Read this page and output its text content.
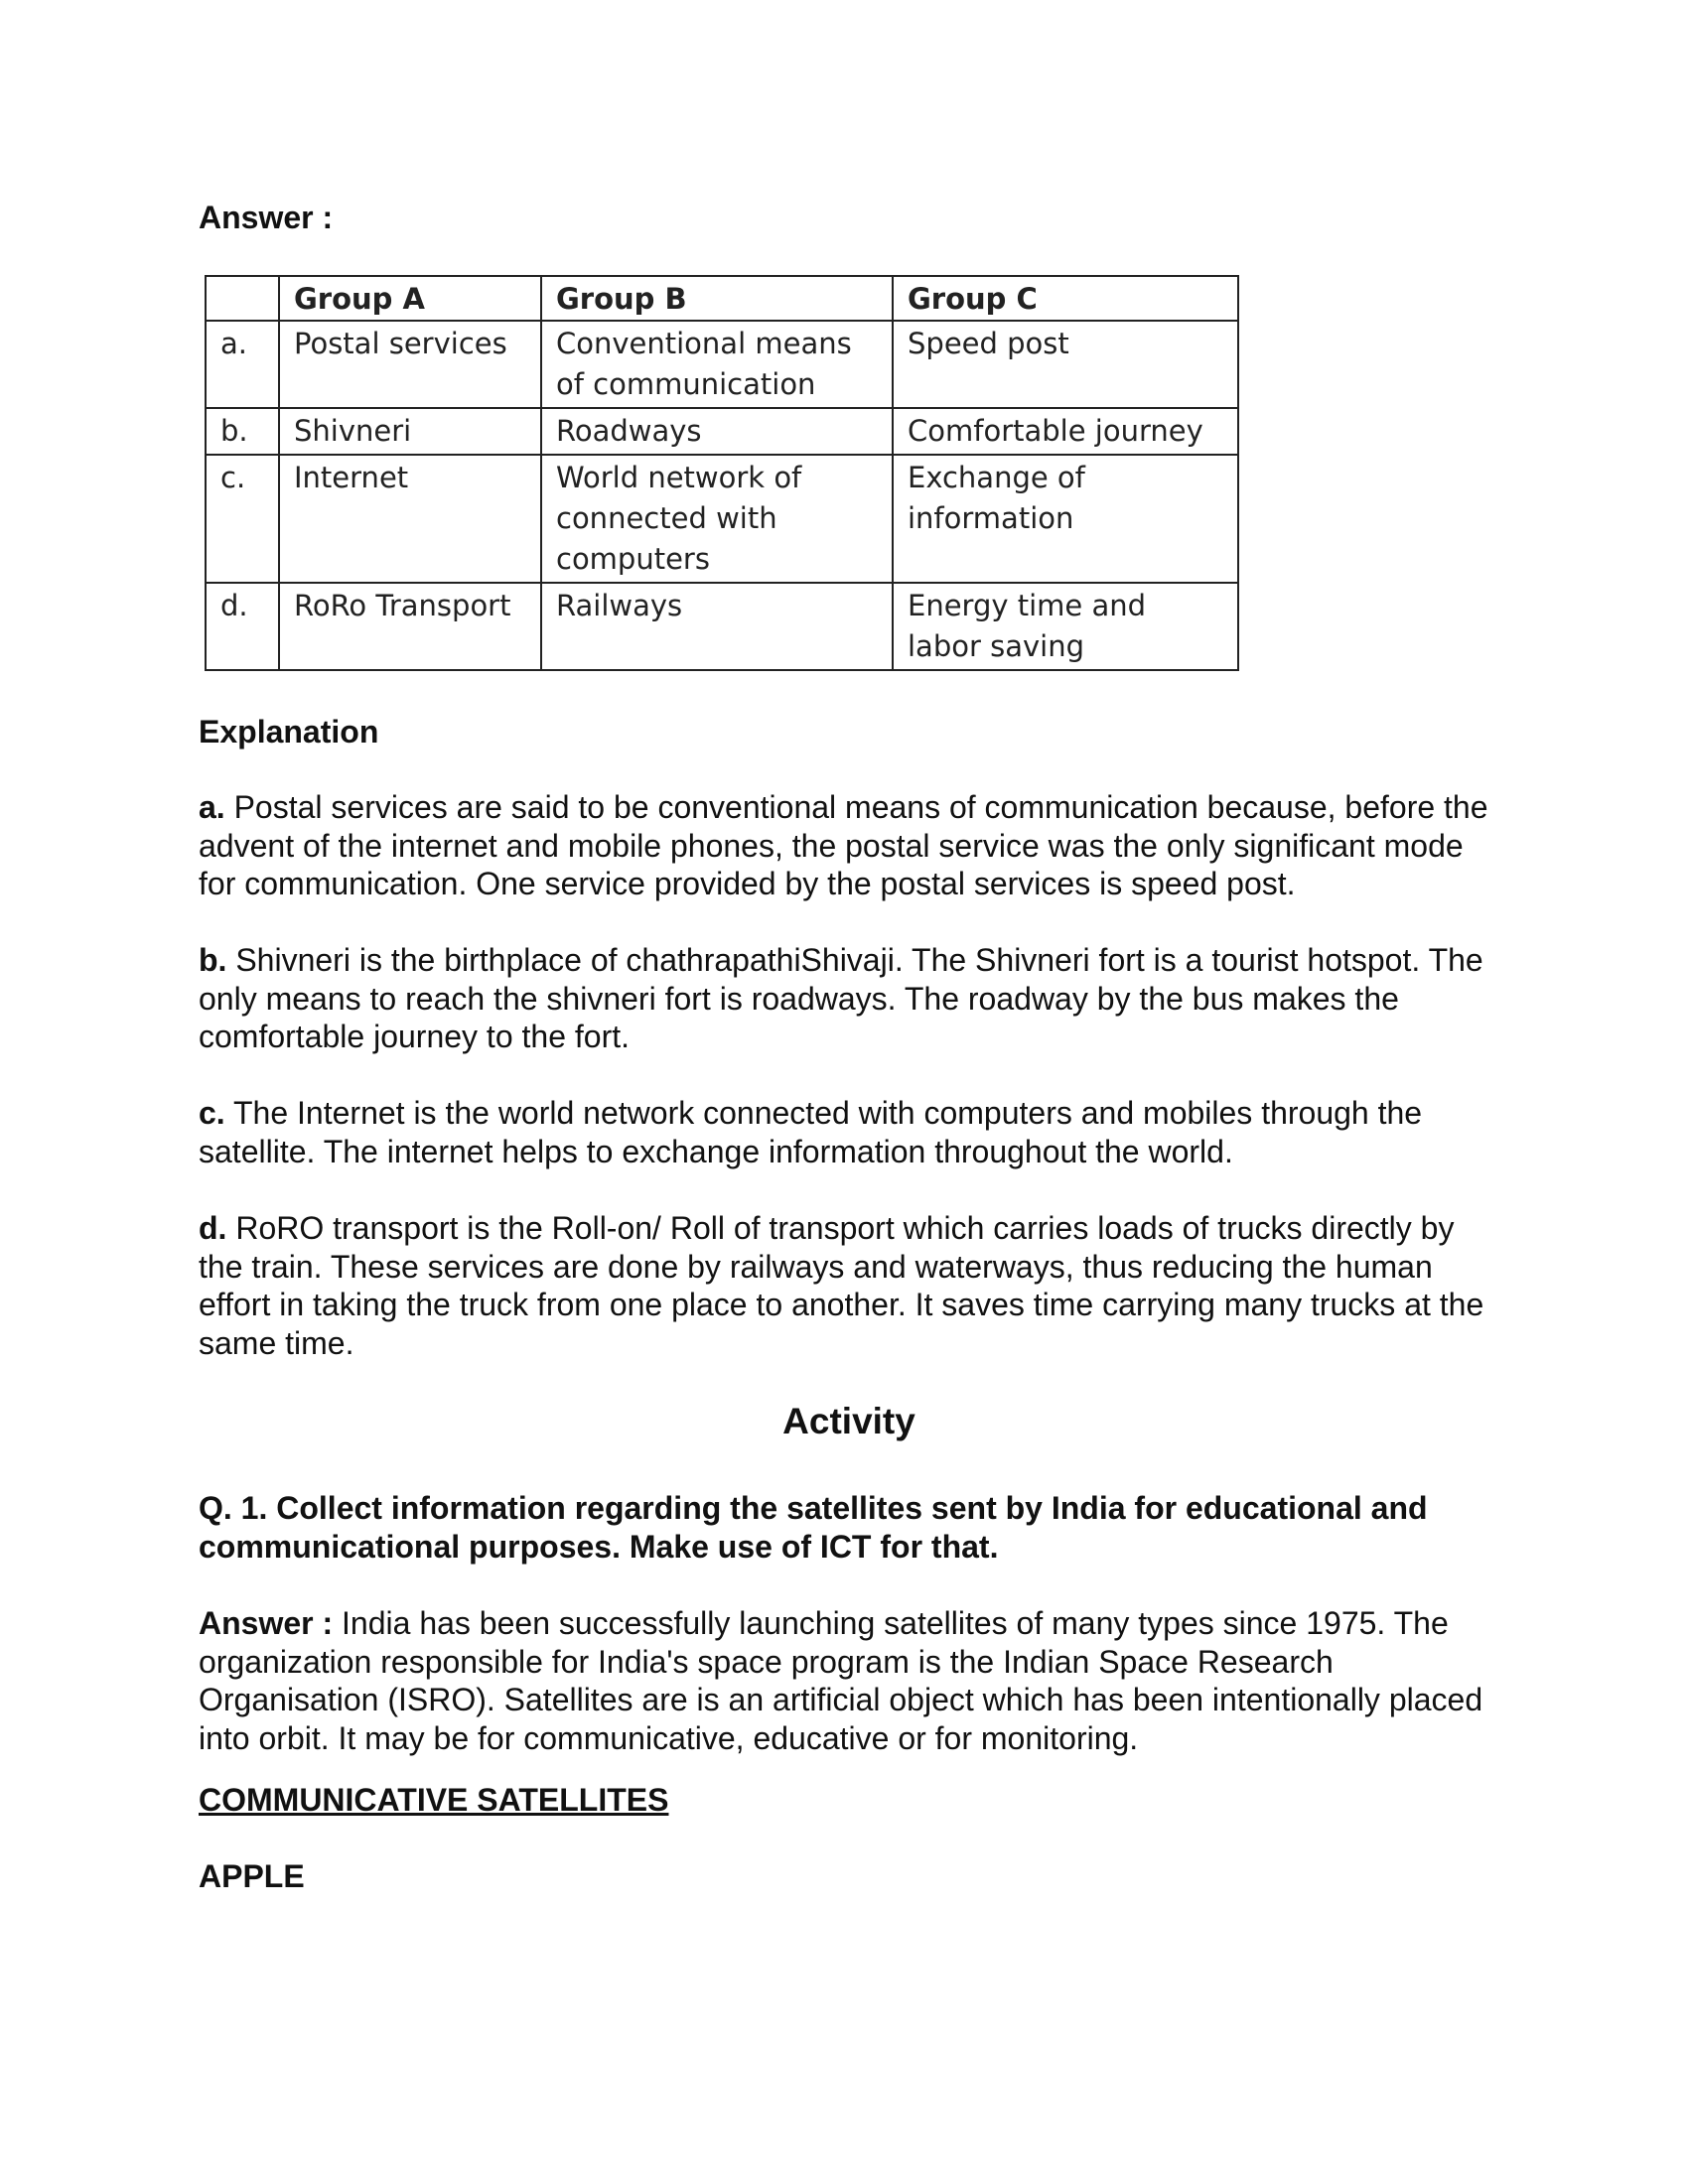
Answer :
	Group A	Group B	Group C
a.	Postal services	Conventional means of communication	Speed post
b.	Shivneri	Roadways	Comfortable journey
c.	Internet	World network of connected with computers	Exchange of information
d.	RoRo Transport	Railways	Energy time and labor saving
Explanation

a. Postal services are said to be conventional means of communication because, before the advent of the internet and mobile phones, the postal service was the only significant mode for communication. One service provided by the postal services is speed post.

b. Shivneri is the birthplace of chathrapathiShivaji. The Shivneri fort is a tourist hotspot. The only means to reach the shivneri fort is roadways. The roadway by the bus makes the comfortable journey to the fort.

c. The Internet is the world network connected with computers and mobiles through the satellite. The internet helps to exchange information throughout the world.

d. RoRO transport is the Roll-on/ Roll of transport which carries loads of trucks directly by the train. These services are done by railways and waterways, thus reducing the human effort in taking the truck from one place to another. It saves time carrying many trucks at the same time.

Activity

Q. 1. Collect information regarding the satellites sent by India for educational and communicational purposes. Make use of ICT for that.

Answer : India has been successfully launching satellites of many types since 1975. The organization responsible for India's space program is the Indian Space Research Organisation (ISRO). Satellites are is an artificial object which has been intentionally placed into orbit. It may be for communicative, educative or for monitoring.

COMMUNICATIVE SATELLITES
APPLE
